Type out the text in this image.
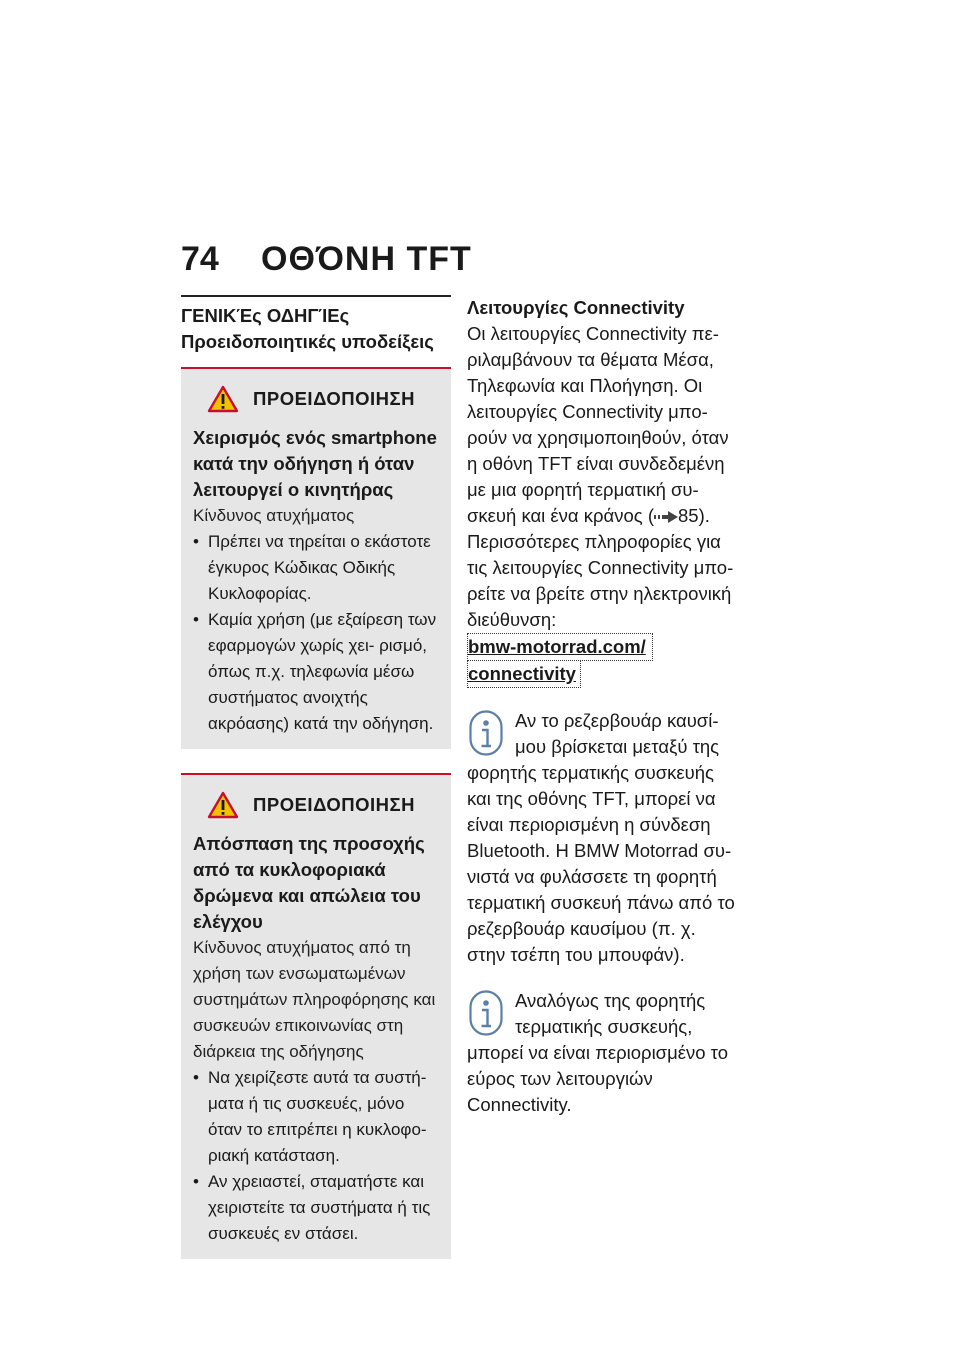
74	ΟΘΌΝΗ TFT
ΓΕΝΙΚΈς ΟΔΗΓΊΕς
Προειδοποιητικές υποδείξεις
ΠΡΟΕΙΔΟΠΟΙΗΣΗ
Χειρισμός ενός smartphone κατά την οδήγηση ή όταν λειτουργεί ο κινητήρας
Κίνδυνος ατυχήματος
• Πρέπει να τηρείται ο εκάστοτε έγκυρος Κώδικας Οδικής Κυκλοφορίας.
• Καμία χρήση (με εξαίρεση των εφαρμογών χωρίς χει- ρισμό, όπως π.χ. τηλεφωνία μέσω συστήματος ανοιχτής ακρόασης) κατά την οδήγηση.
ΠΡΟΕΙΔΟΠΟΙΗΣΗ
Απόσπαση της προσοχής από τα κυκλοφοριακά δρώμενα και απώλεια του ελέγχου
Κίνδυνος ατυχήματος από τη χρήση των ενσωματωμένων συστημάτων πληροφόρησης και συσκευών επικοινωνίας στη διάρκεια της οδήγησης
• Να χειρίζεστε αυτά τα συστή- ματα ή τις συσκευές, μόνο όταν το επιτρέπει η κυκλοφο- ριακή κατάσταση.
• Αν χρειαστεί, σταματήστε και χειριστείτε τα συστήματα ή τις συσκευές εν στάσει.
Λειτουργίες Connectivity
Οι λειτουργίες Connectivity πε- ριλαμβάνουν τα θέματα Μέσα, Τηλεφωνία και Πλοήγηση. Οι λειτουργίες Connectivity μπο- ρούν να χρησιμοποιηθούν, όταν η οθόνη TFT είναι συνδεδεμένη με μια φορητή τερματική συ- σκευή και ένα κράνος ( 85).
Περισσότερες πληροφορίες για τις λειτουργίες Connectivity μπο- ρείτε να βρείτε στην ηλεκτρονική διεύθυνση:
bmw-motorrad.com/
connectivity
Αν το ρεζερβουάρ καυσί- μου βρίσκεται μεταξύ της φορητής τερματικής συσκευής και της οθόνης TFT, μπορεί να είναι περιορισμένη η σύνδεση Bluetooth. Η BMW Motorrad συ- νιστά να φυλάσσετε τη φορητή τερματική συσκευή πάνω από το ρεζερβουάρ καυσίμου (π. χ. στην τσέπη του μπουφάν).
Αναλόγως της φορητής τερματικής συσκευής, μπορεί να είναι περιορισμένο το εύρος των λειτουργιών Connectivity.
